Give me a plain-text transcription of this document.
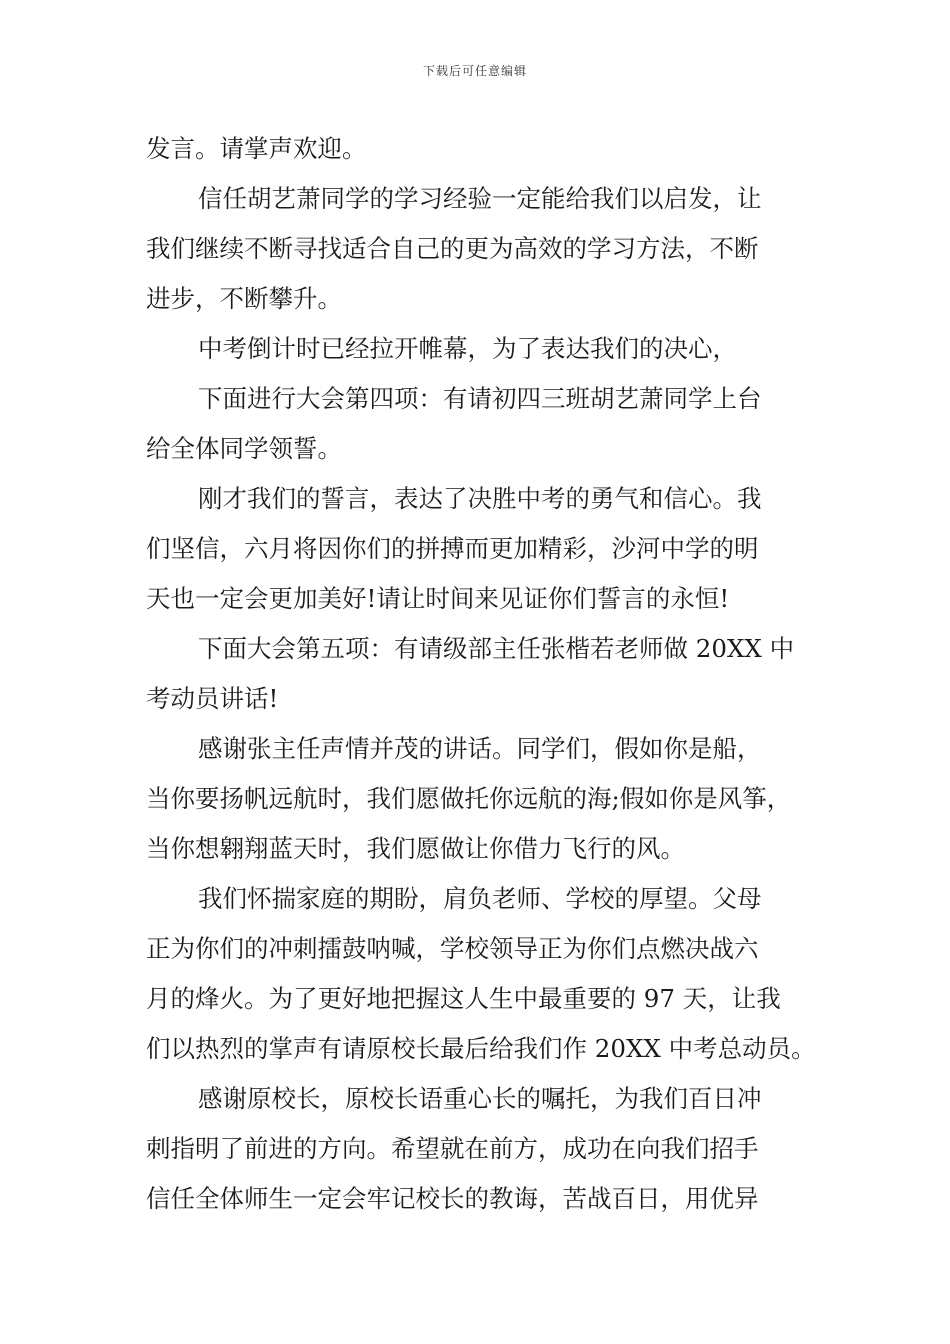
下载后可任意编辑
发言。请掌声欢迎。
信任胡艺萧同学的学习经验一定能给我们以启发，让
我们继续不断寻找适合自己的更为高效的学习方法，不断
进步，不断攀升。
中考倒计时已经拉开帷幕，为了表达我们的决心，
下面进行大会第四项：有请初四三班胡艺萧同学上台
给全体同学领誓。
刚才我们的誓言，表达了决胜中考的勇气和信心。我
们坚信，六月将因你们的拼搏而更加精彩，沙河中学的明
天也一定会更加美好!请让时间来见证你们誓言的永恒!
下面大会第五项：有请级部主任张楷若老师做 20XX 中
考动员讲话!
感谢张主任声情并茂的讲话。同学们，假如你是船，
当你要扬帆远航时，我们愿做托你远航的海;假如你是风筝，
当你想翱翔蓝天时，我们愿做让你借力飞行的风。
我们怀揣家庭的期盼，肩负老师、学校的厚望。父母
正为你们的冲刺擂鼓呐喊，学校领导正为你们点燃决战六
月的烽火。为了更好地把握这人生中最重要的 97 天，让我
们以热烈的掌声有请原校长最后给我们作 20XX 中考总动员。
感谢原校长，原校长语重心长的嘱托，为我们百日冲
刺指明了前进的方向。希望就在前方，成功在向我们招手
信任全体师生一定会牢记校长的教诲，苦战百日，用优异
